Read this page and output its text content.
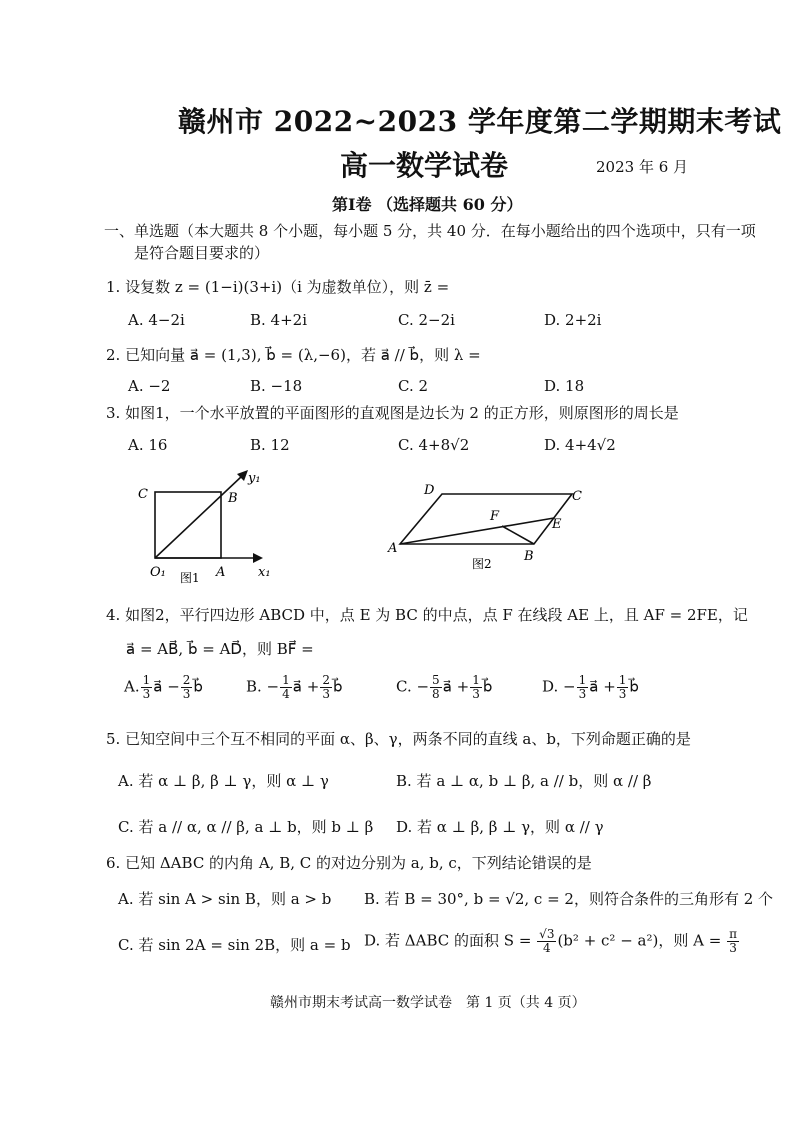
赣州市 2022~2023 学年度第二学期期末考试
高一数学试卷	2023 年 6 月
第Ⅰ卷 （选择题共 60 分）
一、单选题（本大题共 8 个小题，每小题 5 分，共 40 分．在每小题给出的四个选项中，只有一项
是符合题目要求的）
1. 设复数 z = (1−i)(3+i)（i 为虚数单位），则 z̄ =
A. 4−2i	B. 4+2i	C. 2−2i	D. 2+2i
2. 已知向量 a⃗ = (1,3), b⃗ = (λ,−6)，若 a⃗ // b⃗，则 λ =
A. −2	B. −18	C. 2	D. 18
3. 如图1，一个水平放置的平面图形的直观图是边长为 2 的正方形，则原图形的周长是
A. 16	B. 12	C. 4+8√2	D. 4+4√2
C	B
O₁	A
y₁
x₁
图1
D	C
F
E
A
B
图2
4. 如图2，平行四边形 ABCD 中，点 E 为 BC 的中点，点 F 在线段 AE 上，且 AF = 2FE，记
a⃗ = AB⃗, b⃗ = AD⃗，则 BF⃗ =
A. $\frac{1}{3}$ a⃗ − $\frac{2}{3}$ b⃗	B. − $\frac{1}{4}$ a⃗ + $\frac{2}{3}$ b⃗	C. − $\frac{5}{8}$ a⃗ + $\frac{1}{3}$ b⃗	D. − $\frac{1}{3}$ a⃗ + $\frac{1}{3}$ b⃗
5. 已知空间中三个互不相同的平面 α、β、γ，两条不同的直线 a、b，下列命题正确的是
A. 若 α ⊥ β, β ⊥ γ，则 α ⊥ γ	B. 若 a ⊥ α, b ⊥ β, a // b，则 α // β
C. 若 a // α, α // β, a ⊥ b，则 b ⊥ β D. 若 α ⊥ β, β ⊥ γ，则 α // γ
6. 已知 ΔABC 的内角 A, B, C 的对边分别为 a, b, c，下列结论错误的是
A. 若 sin A > sin B，则 a > b B. 若 B = 30°, b = √2, c = 2，则符合条件的三角形有 2 个
C. 若 sin 2A = sin 2B，则 a = b D. 若 ΔABC 的面积 $S = \frac{√3}{4} (b^2 + c^2 - a^2)$，则 $A = \frac{\pi}{3}$
赣州市期末考试高一数学试卷　第 1 页（共 4 页）
